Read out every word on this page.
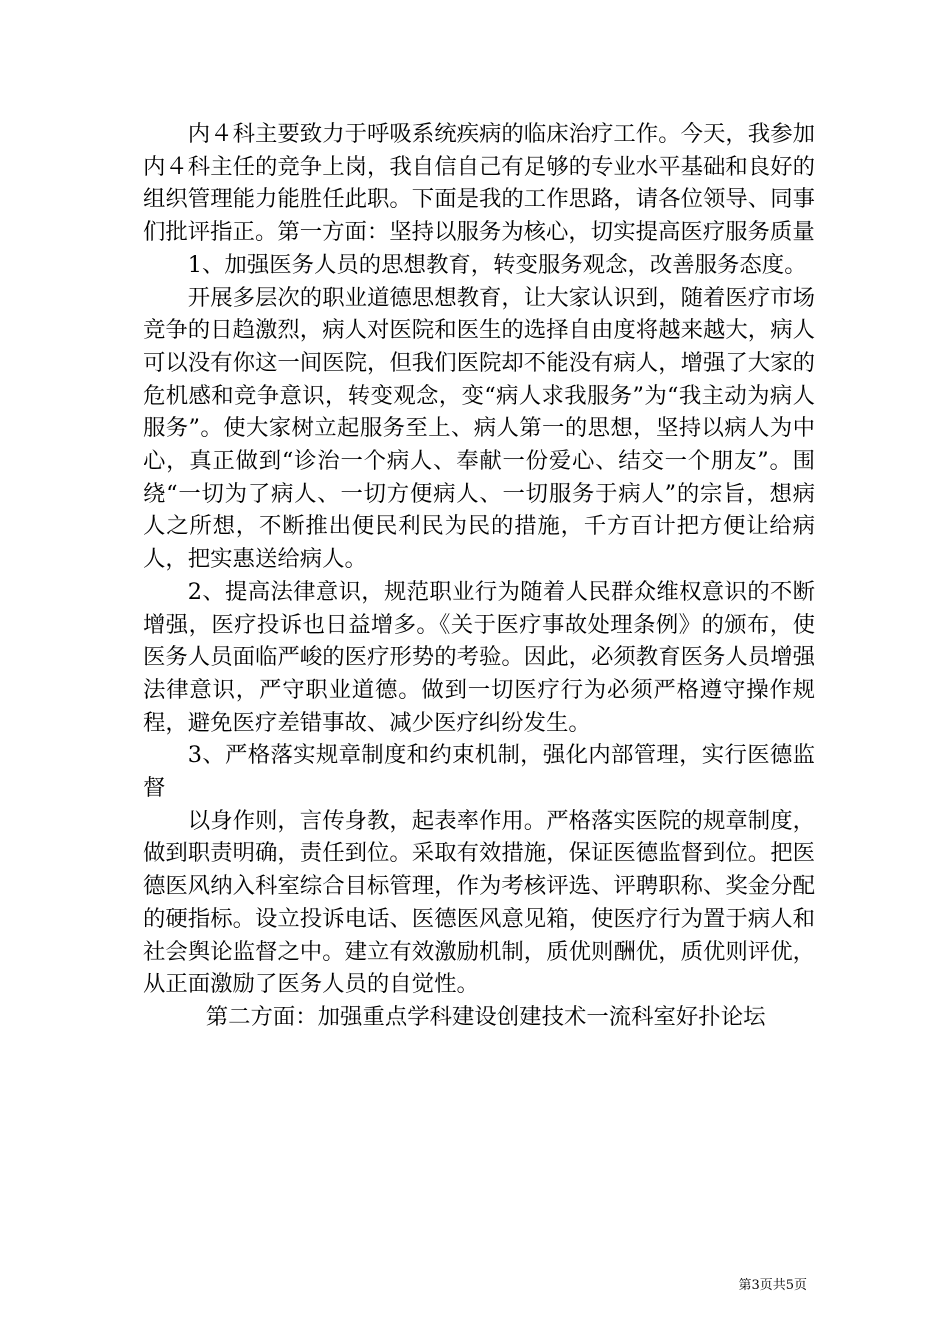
内４科主要致力于呼吸系统疾病的临床治疗工作。今天，我参加内４科主任的竞争上岗，我自信自己有足够的专业水平基础和良好的组织管理能力能胜任此职。下面是我的工作思路，请各位领导、同事们批评指正。第一方面：坚持以服务为核心，切实提高医疗服务质量

1、加强医务人员的思想教育，转变服务观念，改善服务态度。

开展多层次的职业道德思想教育，让大家认识到，随着医疗市场竞争的日趋激烈，病人对医院和医生的选择自由度将越来越大，病人可以没有你这一间医院，但我们医院却不能没有病人，增强了大家的危机感和竞争意识，转变观念，变“病人求我服务”为“我主动为病人服务”。使大家树立起服务至上、病人第一的思想，坚持以病人为中心，真正做到“诊治一个病人、奉献一份爱心、结交一个朋友”。围绕“一切为了病人、一切方便病人、一切服务于病人”的宗旨，想病人之所想，不断推出便民利民为民的措施，千方百计把方便让给病人，把实惠送给病人。

2、提高法律意识，规范职业行为随着人民群众维权意识的不断增强，医疗投诉也日益增多。《关于医疗事故处理条例》的颁布，使医务人员面临严峻的医疗形势的考验。因此，必须教育医务人员增强法律意识，严守职业道德。做到一切医疗行为必须严格遵守操作规程，避免医疗差错事故、减少医疗纠纷发生。

3、严格落实规章制度和约束机制，强化内部管理，实行医德监督

以身作则，言传身教，起表率作用。严格落实医院的规章制度，做到职责明确，责任到位。采取有效措施，保证医德监督到位。把医德医风纳入科室综合目标管理，作为考核评选、评聘职称、奖金分配的硬指标。设立投诉电话、医德医风意见箱，使医疗行为置于病人和社会舆论监督之中。建立有效激励机制，质优则酬优，质优则评优，从正面激励了医务人员的自觉性。

第二方面：加强重点学科建设创建技术一流科室好扑论坛

第3页共5页
